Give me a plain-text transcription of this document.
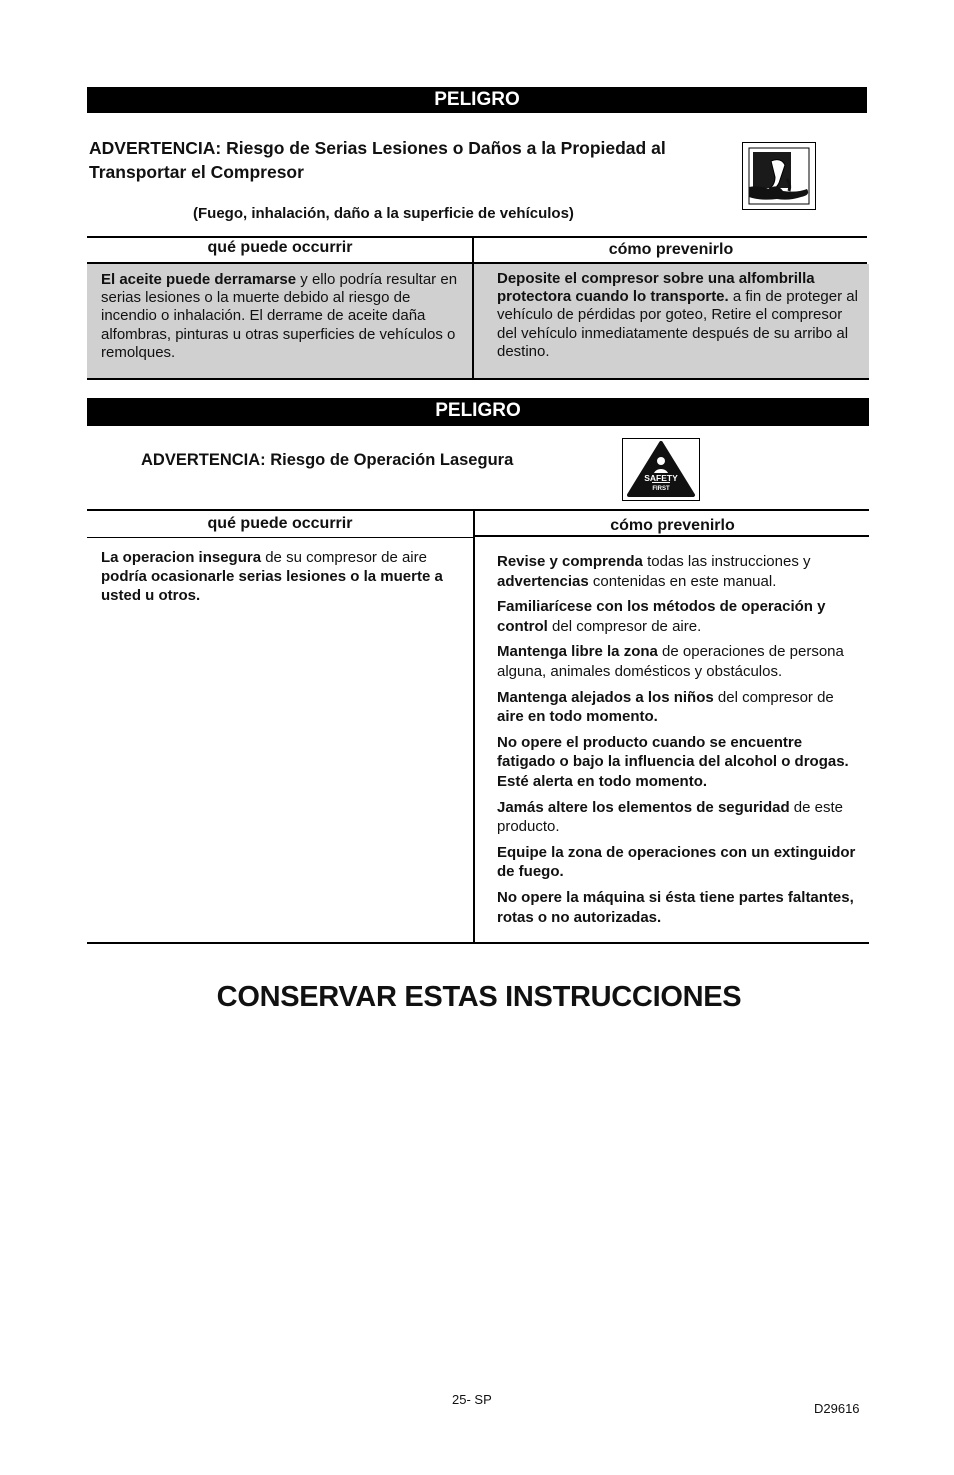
PELIGRO
ADVERTENCIA: Riesgo de Serias Lesiones o Daños a la Propiedad al Transportar el Compresor
(Fuego, inhalación, daño a la superficie de vehículos)
qué puede occurrir	cómo prevenirlo
El aceite puede derramarse y ello podría resultar en serias lesiones o la muerte debido al riesgo de incendio o inhalación. El derrame de aceite daña alfombras, pinturas u otras superficies de vehículos o remolques.
Deposite el compresor sobre una alfombrilla protectora cuando lo transporte. a fin de proteger al vehículo de pérdidas por goteo, Retire el compresor del vehículo inmediatamente después de su arribo al destino.
PELIGRO
ADVERTENCIA: Riesgo de Operación Lasegura
SAFETY
FIRST
qué puede occurrir	cómo prevenirlo
La operacion insegura de su compresor de aire podría ocasionarle serias lesiones o la muerte a usted u otros.

Revise y comprenda todas las instrucciones y advertencias contenidas en este manual.

Familiarícese con los métodos de operación y control del compresor de aire.

Mantenga libre la zona de operaciones de persona alguna, animales domésticos y obstáculos.

Mantenga alejados a los niños del compresor de aire en todo momento.

No opere el producto cuando se encuentre fatigado o bajo la influencia del alcohol o drogas. Esté alerta en todo momento.

Jamás altere los elementos de seguridad de este producto.

Equipe la zona de operaciones con un extinguidor de fuego.

No opere la máquina si ésta tiene partes faltantes, rotas o no autorizadas.

CONSERVAR ESTAS INSTRUCCIONES
25- SP
D29616
